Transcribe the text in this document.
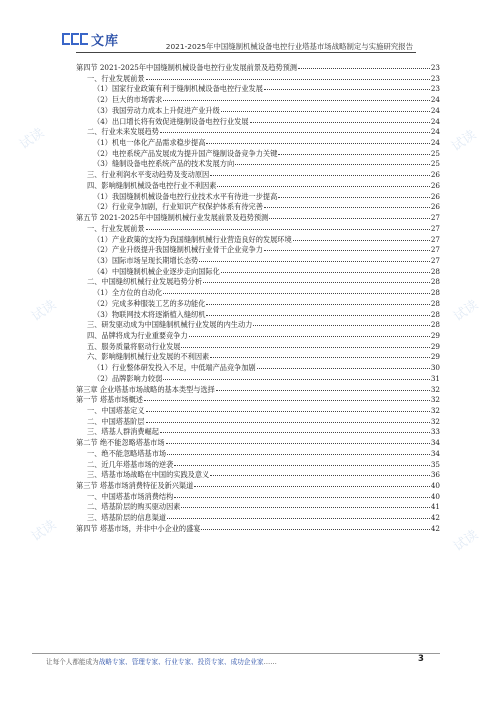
文库	2021-2025年中国缝制机械设备电控行业塔基市场战略制定与实施研究报告
试读	试读
试读	试读
试读	试读
第四节 2021-2025年中国缝制机械设备电控行业发展前景及趋势预测	23
一、行业发展前景	23
（1）国家行业政策有利于缝制机械设备电控行业发展	23
（2）巨大的市场需求	24
（3）我国劳动力成本上升促进产业升级	24
（4）出口增长将有效促进缝制设备电控行业发展	24
二、行业未来发展趋势	24
（1）机电一体化产品需求稳步提高	24
（2）电控系统产品发展成为提升国产缝制设备竞争力关键	25
（3）缝制设备电控系统产品的技术发展方向	25
三、行业利润水平变动趋势及变动原因	26
四、影响缝制机械设备电控行业不利因素	26
（1）我国缝制机械设备电控行业技术水平有待进一步提高	26
（2）行业竞争加剧，行业知识产权保护体系有待完善	26
第五节 2021-2025年中国缝制机械行业发展前景及趋势预测	27
一、行业发展前景	27
（1）产业政策的支持为我国缝制机械行业营造良好的发展环境	27
（2）产业升级提升我国缝制机械行业骨干企业竞争力	27
（3）国际市场呈现长期增长态势	27
（4）中国缝制机械企业逐步走向国际化	28
二、中国缝纫机械行业发展趋势分析	28
（1）全方位的自动化	28
（2）完成多种服装工艺的多功能化	28
（3）物联网技术将逐渐植入缝纫机	28
三、研发驱动成为中国缝制机械行业发展的内生动力	28
四、品牌将成为行业重要竞争力	29
五、服务质量将驱动行业发展	29
六、影响缝制机械行业发展的不利因素	29
（1）行业整体研发投入不足，中低端产品竞争加剧	30
（2）品牌影响力较弱	31
第三章 企业塔基市场战略的基本类型与选择	32
第一节 塔基市场概述	32
一、中国塔基定义	32
二、中国塔基阶层	32
三、塔基人群消费崛起	33
第二节 绝不能忽略塔基市场	34
一、绝不能忽略塔基市场	34
二、近几年塔基市场的逆袭	35
三、塔基市场战略在中国的实践及意义	36
第三节 塔基市场消费特征及新兴渠道	40
一、中国塔基市场消费结构	40
二、塔基阶层的购买驱动因素	41
三、塔基阶层的信息渠道	42
第四节 塔基市场，并非中小企业的盛宴	42
让每个人都能成为战略专家、管理专家、行业专家、投资专家、成功企业家……	3
